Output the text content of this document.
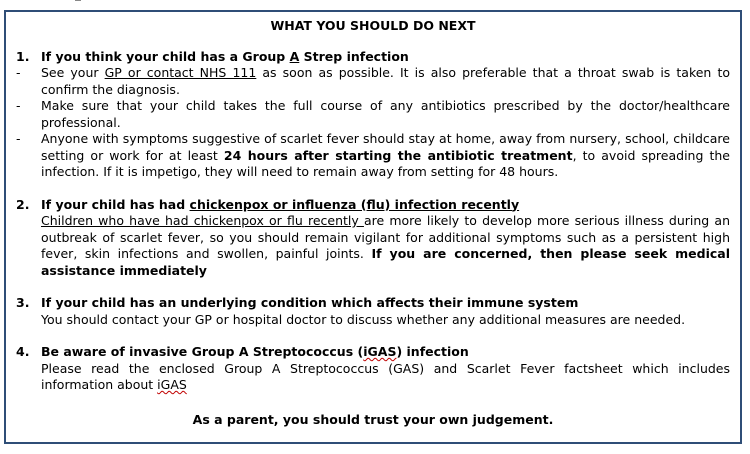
WHAT YOU SHOULD DO NEXT
1. If you think your child has a Group A Strep infection
-	See your GP or contact NHS 111 as soon as possible. It is also preferable that a throat swab is taken to confirm the diagnosis.
-	Make sure that your child takes the full course of any antibiotics prescribed by the doctor/healthcare professional.
-	Anyone with symptoms suggestive of scarlet fever should stay at home, away from nursery, school, childcare setting or work for at least 24 hours after starting the antibiotic treatment, to avoid spreading the infection. If it is impetigo, they will need to remain away from setting for 48 hours.
2. If your child has had chickenpox or influenza (flu) infection recently
Children who have had chickenpox or flu recently are more likely to develop more serious illness during an outbreak of scarlet fever, so you should remain vigilant for additional symptoms such as a persistent high fever, skin infections and swollen, painful joints. If you are concerned, then please seek medical assistance immediately
3. If your child has an underlying condition which affects their immune system
You should contact your GP or hospital doctor to discuss whether any additional measures are needed.
4. Be aware of invasive Group A Streptococcus (iGAS) infection
Please read the enclosed Group A Streptococcus (GAS) and Scarlet Fever factsheet which includes information about iGAS
As a parent, you should trust your own judgement.
